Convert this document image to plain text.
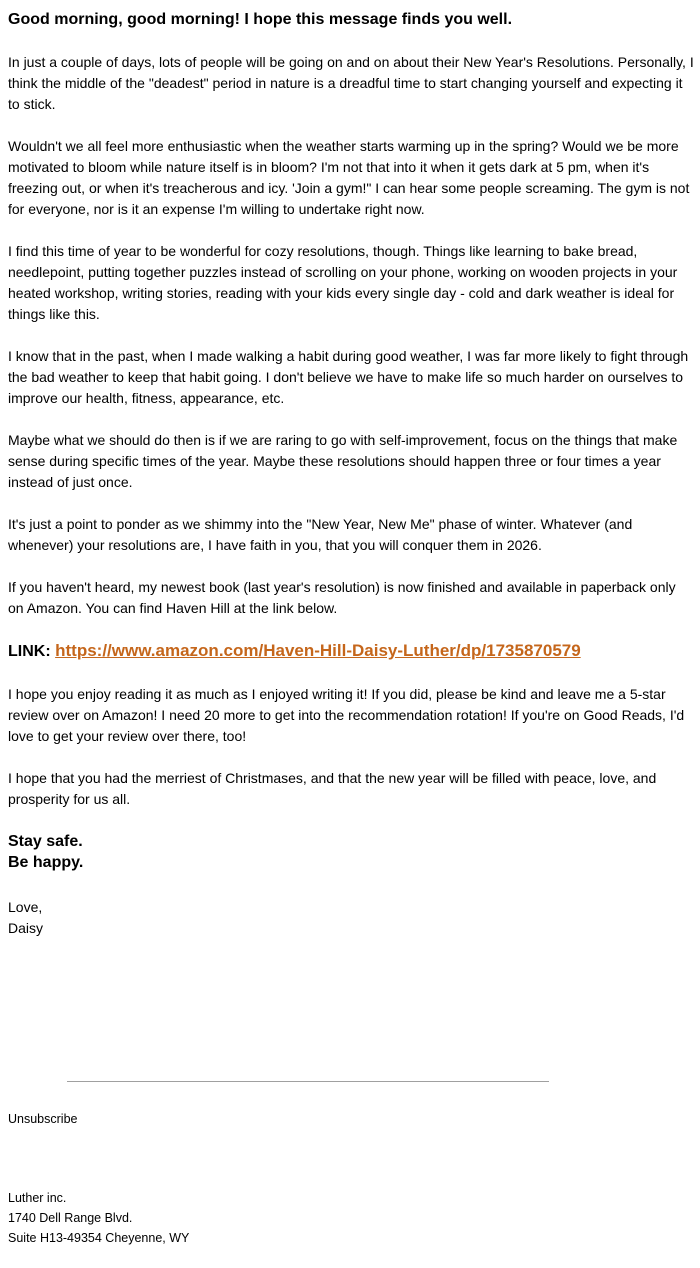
Good morning, good morning! I hope this message finds you well.

In just a couple of days, lots of people will be going on and on about their New Year's Resolutions. Personally, I think the middle of the "deadest" period in nature is a dreadful time to start changing yourself and expecting it to stick.

Wouldn't we all feel more enthusiastic when the weather starts warming up in the spring? Would we be more motivated to bloom while nature itself is in bloom? I'm not that into it when it gets dark at 5 pm, when it's freezing out, or when it's treacherous and icy. 'Join a gym!" I can hear some people screaming. The gym is not for everyone, nor is it an expense I'm willing to undertake right now.

I find this time of year to be wonderful for cozy resolutions, though. Things like learning to bake bread, needlepoint, putting together puzzles instead of scrolling on your phone, working on wooden projects in your heated workshop, writing stories, reading with your kids every single day - cold and dark weather is ideal for things like this.

I know that in the past, when I made walking a habit during good weather, I was far more likely to fight through the bad weather to keep that habit going. I don't believe we have to make life so much harder on ourselves to improve our health, fitness, appearance, etc.

Maybe what we should do then is if we are raring to go with self-improvement, focus on the things that make sense during specific times of the year. Maybe these resolutions should happen three or four times a year instead of just once.

It's just a point to ponder as we shimmy into the "New Year, New Me" phase of winter. Whatever (and whenever) your resolutions are, I have faith in you, that you will conquer them in 2026.

If you haven't heard, my newest book (last year's resolution) is now finished and available in paperback only on Amazon. You can find Haven Hill at the link below.

LINK: https://www.amazon.com/Haven-Hill-Daisy-Luther/dp/1735870579

I hope you enjoy reading it as much as I enjoyed writing it! If you did, please be kind and leave me a 5-star review over on Amazon! I need 20 more to get into the recommendation rotation! If you're on Good Reads, I'd love to get your review over there, too!

I hope that you had the merriest of Christmases, and that the new year will be filled with peace, love, and prosperity for us all.

Stay safe.
Be happy.

Love,
Daisy

Unsubscribe

Luther inc.
1740 Dell Range Blvd.
Suite H13-49354 Cheyenne, WY
